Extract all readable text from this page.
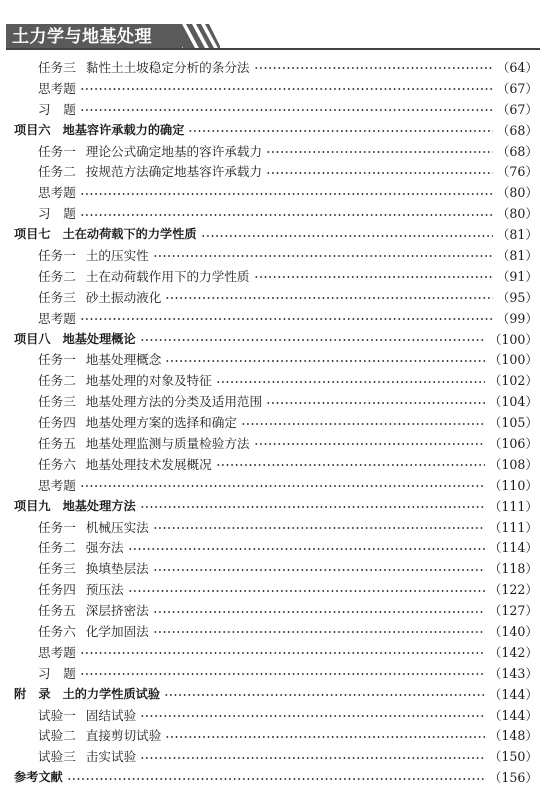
土力学与地基处理
任务三 黏性土土坡稳定分析的条分法	（64）
思考题	（67）
习　题	（67）
项目六 地基容许承载力的确定	（68）
任务一 理论公式确定地基的容许承载力	（68）
任务二 按规范方法确定地基容许承载力	（76）
思考题	（80）
习　题	（80）
项目七 土在动荷载下的力学性质	（81）
任务一 土的压实性	（81）
任务二 土在动荷载作用下的力学性质	（91）
任务三 砂土振动液化	（95）
思考题	（99）
项目八 地基处理概论	（100）
任务一 地基处理概念	（100）
任务二 地基处理的对象及特征	（102）
任务三 地基处理方法的分类及适用范围	（104）
任务四 地基处理方案的选择和确定	（105）
任务五 地基处理监测与质量检验方法	（106）
任务六 地基处理技术发展概况	（108）
思考题	（110）
项目九 地基处理方法	（111）
任务一 机械压实法	（111）
任务二 强夯法	（114）
任务三 换填垫层法	（118）
任务四 预压法	（122）
任务五 深层挤密法	（127）
任务六 化学加固法	（140）
思考题	（142）
习　题	（143）
附　录 土的力学性质试验	（144）
试验一 固结试验	（144）
试验二 直接剪切试验	（148）
试验三 击实试验	（150）
参考文献	（156）
